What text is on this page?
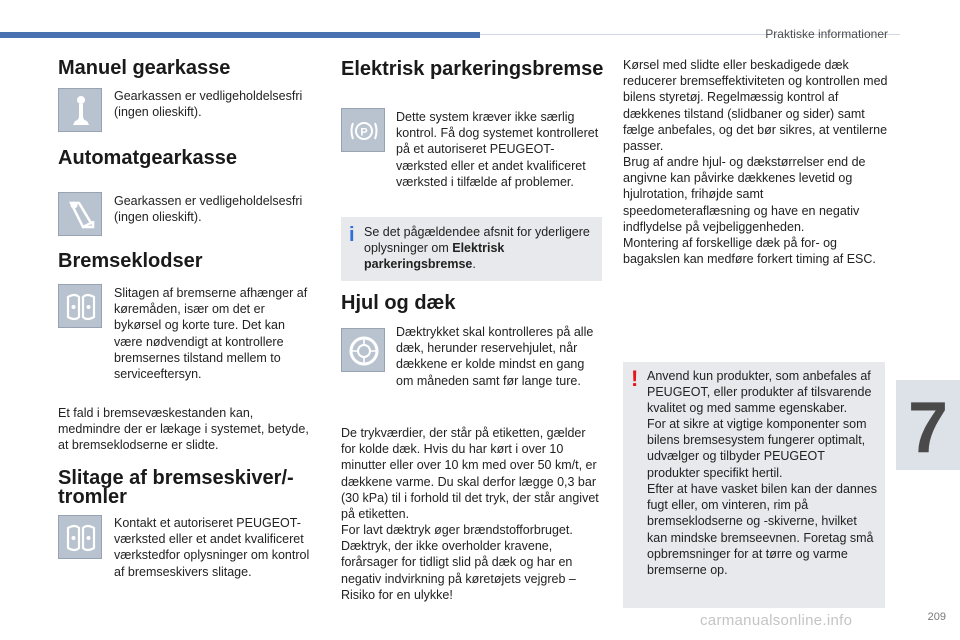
Praktiske informationer
7
Manuel gearkasse

Gearkassen er vedligeholdelsesfri (ingen olieskift).

Automatgearkasse

Gearkassen er vedligeholdelsesfri (ingen olieskift).

Bremseklodser

Slitagen af bremserne afhænger af køremåden, især om det er bykørsel og korte ture. Det kan være nødvendigt at kontrollere bremsernes tilstand mellem to serviceeftersyn.

Et fald i bremsevæskestanden kan, medmindre der er lækage i systemet, betyde, at bremseklodserne er slidte.

Slitage af bremseskiver/-
tromler

Kontakt et autoriseret PEUGEOT-værksted eller et andet kvalificeret værkstedfor oplysninger om kontrol af bremseskivers slitage.

Elektrisk parkeringsbremse
P

Dette system kræver ikke særlig kontrol. Få dog systemet kontrolleret på et autoriseret PEUGEOT-værksted eller et andet kvalificeret værksted i tilfælde af problemer.

i Se det pågældendee afsnit for yderligere oplysninger om Elektrisk parkeringsbremse.

Hjul og dæk

Dæktrykket skal kontrolleres på alle dæk, herunder reservehjulet, når dækkene er kolde mindst en gang om måneden samt før lange ture.

De trykværdier, der står på etiketten, gælder for kolde dæk. Hvis du har kørt i over 10 minutter eller over 10 km med over 50 km/t, er dækkene varme. Du skal derfor lægge 0,3 bar (30 kPa) til i forhold til det tryk, der står angivet på etiketten.

For lavt dæktryk øger brændstofforbruget. Dæktryk, der ikke overholder kravene, forårsager for tidligt slid på dæk og har en negativ indvirkning på køretøjets vejgreb – Risiko for en ulykke!

Kørsel med slidte eller beskadigede dæk reducerer bremseffektiviteten og kontrollen med bilens styretøj. Regelmæssig kontrol af dækkenes tilstand (slidbaner og sider) samt fælge anbefales, og det bør sikres, at ventilerne passer.

Brug af andre hjul- og dækstørrelser end de angivne kan påvirke dækkenes levetid og hjulrotation, frihøjde samt speedometeraflæsning og have en negativ indflydelse på vejbeliggenheden.

Montering af forskellige dæk på for- og bagakslen kan medføre forkert timing af ESC.

! Anvend kun produkter, som anbefales af PEUGEOT, eller produkter af tilsvarende kvalitet og med samme egenskaber.

For at sikre at vigtige komponenter som bilens bremsesystem fungerer optimalt, udvælger og tilbyder PEUGEOT produkter specifikt hertil.

Efter at have vasket bilen kan der dannes fugt eller, om vinteren, rim på bremseklodserne og -skiverne, hvilket kan mindske bremseevnen. Foretag små opbremsninger for at tørre og varme bremserne op.

carmanualsonline.info	209
